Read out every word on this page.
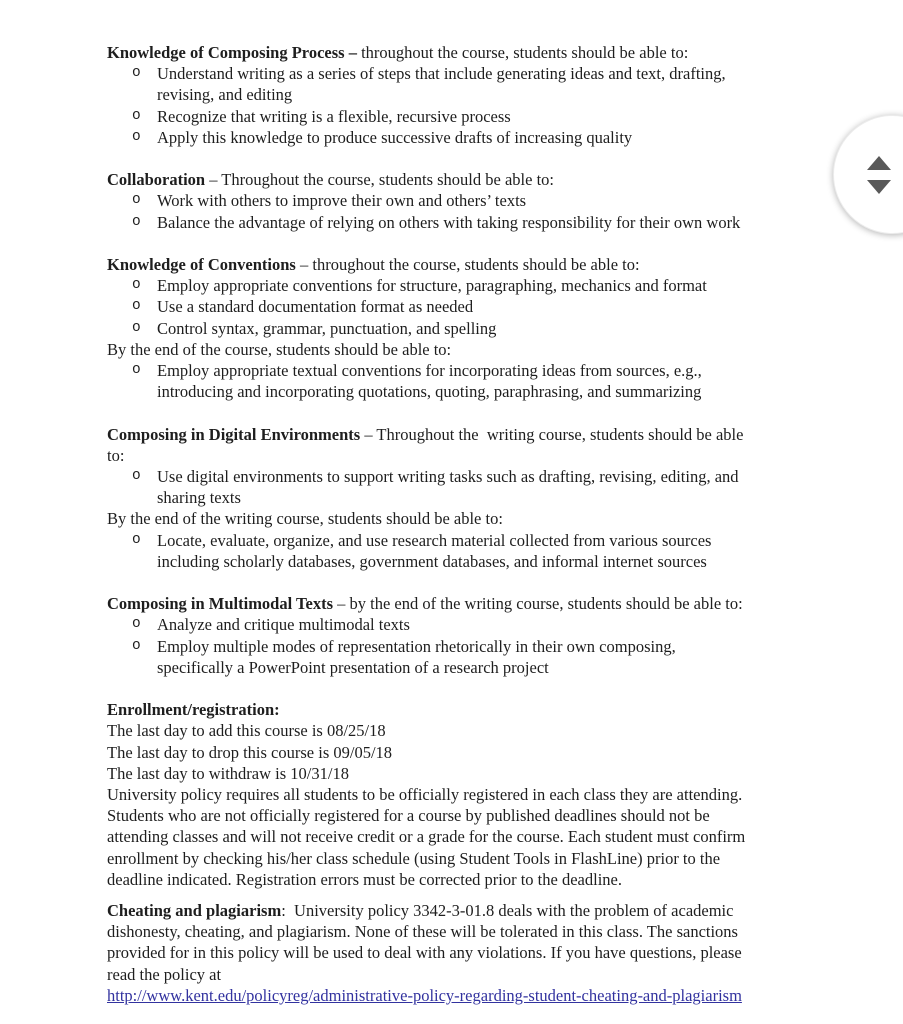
Knowledge of Composing Process – throughout the course, students should be able to:
o Understand writing as a series of steps that include generating ideas and text, drafting,
revising, and editing
o Recognize that writing is a flexible, recursive process
o Apply this knowledge to produce successive drafts of increasing quality
Collaboration – Throughout the course, students should be able to:
o Work with others to improve their own and others’ texts
o Balance the advantage of relying on others with taking responsibility for their own work
Knowledge of Conventions – throughout the course, students should be able to:
o Employ appropriate conventions for structure, paragraphing, mechanics and format
o Use a standard documentation format as needed
o Control syntax, grammar, punctuation, and spelling
By the end of the course, students should be able to:
o Employ appropriate textual conventions for incorporating ideas from sources, e.g.,
introducing and incorporating quotations, quoting, paraphrasing, and summarizing
Composing in Digital Environments – Throughout the  writing course, students should be able
to:
o Use digital environments to support writing tasks such as drafting, revising, editing, and
sharing texts
By the end of the writing course, students should be able to:
o Locate, evaluate, organize, and use research material collected from various sources
including scholarly databases, government databases, and informal internet sources
Composing in Multimodal Texts – by the end of the writing course, students should be able to:
o Analyze and critique multimodal texts
o Employ multiple modes of representation rhetorically in their own composing,
specifically a PowerPoint presentation of a research project
Enrollment/registration:
The last day to add this course is 08/25/18
The last day to drop this course is 09/05/18
The last day to withdraw is 10/31/18
University policy requires all students to be officially registered in each class they are attending.
Students who are not officially registered for a course by published deadlines should not be
attending classes and will not receive credit or a grade for the course. Each student must confirm
enrollment by checking his/her class schedule (using Student Tools in FlashLine) prior to the
deadline indicated. Registration errors must be corrected prior to the deadline.
Cheating and plagiarism:  University policy 3342-3-01.8 deals with the problem of academic
dishonesty, cheating, and plagiarism. None of these will be tolerated in this class. The sanctions
provided for in this policy will be used to deal with any violations. If you have questions, please
read the policy at
http://www.kent.edu/policyreg/administrative-policy-regarding-student-cheating-and-plagiarism
